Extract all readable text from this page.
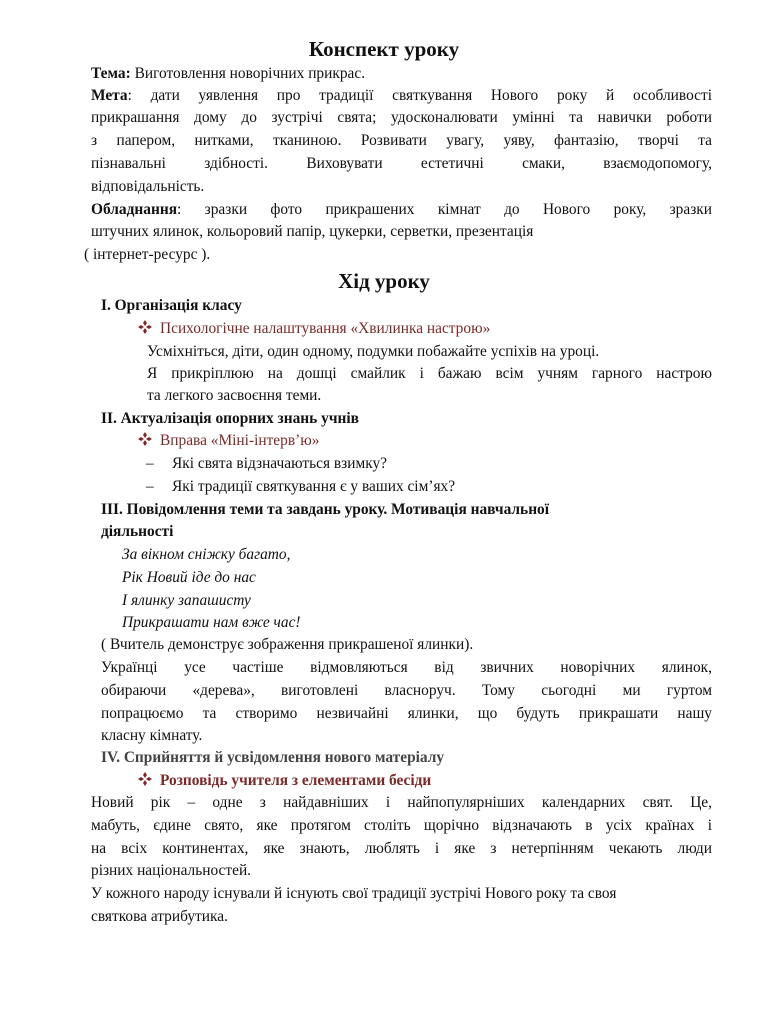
Конспект уроку
Тема: Виготовлення новорічних прикрас.
Мета: дати уявлення про традиції святкування Нового року й особливості
прикрашання дому до зустрічі свята; удосконалювати умінні та навички роботи
з папером, нитками, тканиною. Розвивати увагу, уяву, фантазію, творчі та
пізнавальні здібності. Виховувати естетичні смаки, взаємодопомогу,
відповідальність.
Обладнання: зразки фото прикрашених кімнат до Нового року, зразки
штучних ялинок, кольоровий папір, цукерки, серветки, презентація
( інтернет-ресурс ).
Хід уроку
I. Організація класу
Психологічне налаштування «Хвилинка настрою»
Усміхніться, діти, один одному, подумки побажайте успіхів на уроці.
Я прикріплюю на дошці смайлик і бажаю всім учням гарного настрою
та легкого засвоєння теми.
II. Актуалізація опорних знань учнів
Вправа «Міні-інтерв’ю»
– Які свята відзначаються взимку?
– Які традиції святкування є у ваших сім’ях?
III. Повідомлення теми та завдань уроку. Мотивація навчальної
діяльності
За вікном сніжку багато,
Рік Новий іде до нас
І ялинку запашисту
Прикрашати нам вже час!
( Вчитель демонструє зображення прикрашеної ялинки).
Українці усе частіше відмовляються від звичних новорічних ялинок,
обираючи «дерева», виготовлені власноруч. Тому сьогодні ми гуртом
попрацюємо та створимо незвичайні ялинки, що будуть прикрашати нашу
класну кімнату.
IV. Сприйняття й усвідомлення нового матеріалу
Розповідь учителя з елементами бесіди
Новий рік – одне з найдавніших і найпопулярніших календарних свят. Це,
мабуть, єдине свято, яке протягом століть щорічно відзначають в усіх країнах і
на всіх континентах, яке знають, люблять і яке з нетерпінням чекають люди
різних національностей.
У кожного народу існували й існують свої традиції зустрічі Нового року та своя
святкова атрибутика.
